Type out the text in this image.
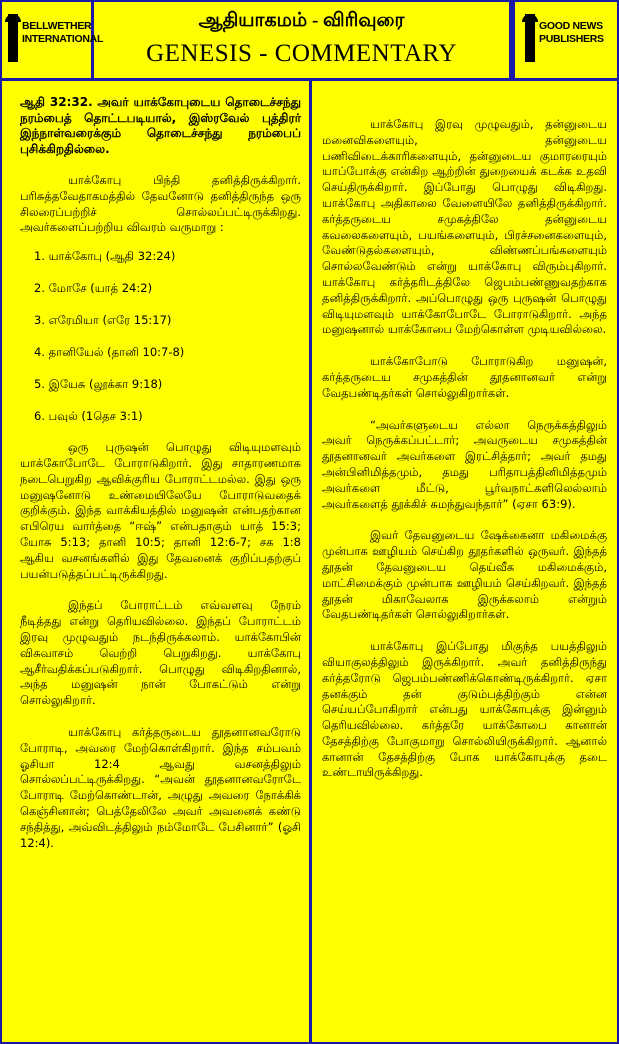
BELLWETHER
INTERNATIONAL
ஆதியாகமம் - விரிவுரை
GENESIS - COMMENTARY
GOOD NEWS
PUBLISHERS

ஆதி 32:32. அவர் யாக்கோபுடைய தொடைச்சந்து நரம்பைத் தொட்டபடியால், இஸ்ரவேல் புத்திரர் இந்நாள்வரைக்கும் தொடைச்சந்து நரம்பைப் புசிக்கிறதில்லை.

யாக்கோபு பிந்தி தனித்திருக்கிறார். பரிசுத்தவேதாகமத்தில் தேவனோடு தனித்திருந்த ஒரு சிலரைப்பற்றிச் சொல்லப்பட்டிருக்கிறது. அவர்களைப்பற்றிய விவரம் வருமாறு :

1. யாக்கோபு (ஆதி 32:24)
2. மோசே (யாத் 24:2)
3. எரேமியா (எரே 15:17)
4. தானியேல் (தானி 10:7-8)
5. இயேசு (லூக்கா 9:18)
6. பவுல் (1தெச 3:1)

ஒரு புருஷன் பொழுது விடியுமளவும் யாக்கோபோடே போராடுகிறார். இது சாதாரணமாக நடைபெறுகிற ஆவிக்குரிய போராட்டமல்ல. இது ஒரு மனுஷனோடு உண்மையிலேயே போராடுவதைக் குறிக்கும். இந்த வாக்கியத்தில் மனுஷன் என்பதற்கான எபிரெய வார்த்தை “ஈஷ்” என்பதாகும் யாத் 15:3; யோசு 5:13; தானி 10:5; தானி 12:6-7; சக 1:8 ஆகிய வசனங்களில் இது தேவனைக் குறிப்பதற்குப் பயன்படுத்தப்பட்டிருக்கிறது.

இந்தப் போராட்டம் எவ்வளவு நேரம் நீடித்தது என்று தெரியவில்லை. இந்தப் போராட்டம் இரவு முழுவதும் நடந்திருக்கலாம். யாக்கோபின் விசுவாசம் வெற்றி பெறுகிறது. யாக்கோபு ஆசீர்வதிக்கப்படுகிறார். பொழுது விடிகிறதினால், அந்த மனுஷன் நான் போகட்டும் என்று சொல்லுகிறார்.

யாக்கோபு கர்த்தருடைய தூதனானவரோடு போராடி, அவரை மேற்கொள்கிறார். இந்த சம்பவம் ஓசியா 12:4 ஆவது வசனத்திலும் சொல்லப்பட்டிருக்கிறது. “அவன் தூதனானவரோடே போராடி மேற்கொண்டான், அழுது அவரை நோக்கிக் கெஞ்சினான்; பெத்தேலிலே அவர் அவனைக் கண்டு சந்தித்து, அவ்விடத்திலும் நம்மோடே பேசினார்” (ஓசி 12:4).

யாக்கோபு இரவு முழுவதும், தன்னுடைய மனைவிகளையும், தன்னுடைய பணிவிடைக்காரிகளையும், தன்னுடைய குமாரரையும் யாப்போக்கு என்கிற ஆற்றின் துறையைக் கடக்க உதவி செய்திருக்கிறார். இப்போது பொழுது விடிகிறது. யாக்கோபு அதிகாலை வேளையிலே தனித்திருக்கிறார். கர்த்தருடைய சமுகத்திலே தன்னுடைய கவலைகளையும், பயங்களையும், பிரச்சனைகளையும், வேண்டுதல்களையும், விண்ணப்பங்களையும் சொல்லவேண்டும் என்று யாக்கோபு விரும்புகிறார். யாக்கோபு கர்த்தரிடத்திலே ஜெபம்பண்ணுவதற்காக தனித்திருக்கிறார். அப்பொழுது ஒரு புருஷன் பொழுது விடியுமளவும் யாக்கோபோடே போராடுகிறார். அந்த மனுஷனால் யாக்கோபை மேற்கொள்ள முடியவில்லை.

யாக்கோபோடு போராடுகிற மனுஷன், கர்த்தருடைய சமுகத்தின் தூதனானவர் என்று வேதபண்டிதர்கள் சொல்லுகிறார்கள்.

“அவர்களுடைய எல்லா நெருக்கத்திலும் அவர் நெருக்கப்பட்டார்; அவருடைய சமுகத்தின் தூதனானவர் அவர்களை இரட்சித்தார்; அவர் தமது அன்பினிமித்தமும், தமது பரிதாபத்தினிமித்தமும் அவர்களை மீட்டு, பூர்வநாட்களிலெல்லாம் அவர்களைத் தூக்கிச் சுமந்துவந்தார்” (ஏசா 63:9).

இவர் தேவனுடைய ஷேக்கைனா மகிமைக்கு முன்பாக ஊழியம் செய்கிற தூதர்களில் ஒருவர். இந்தத் தூதன் தேவனுடைய தெய்வீக மகிமைக்கும், மாட்சிமைக்கும் முன்பாக ஊழியம் செய்கிறவர். இந்தத் தூதன் மிகாவேலாக இருக்கலாம் என்றும் வேதபண்டிதர்கள் சொல்லுகிறார்கள்.

யாக்கோபு இப்போது மிகுந்த பயத்திலும் வியாகுலத்திலும் இருக்கிறார். அவர் தனித்திருந்து கர்த்தரோடு ஜெபம்பண்ணிக்கொண்டிருக்கிறார். ஏசா தனக்கும் தன் குடும்பத்திற்கும் என்ன செய்யப்போகிறார் என்பது யாக்கோபுக்கு இன்னும் தெரியவில்லை. கர்த்தரே யாக்கோபை கானான் தேசத்திற்கு போகுமாறு சொல்லியிருக்கிறார். ஆனால் கானான் தேசத்திற்கு போக யாக்கோபுக்கு தடை உண்டாயிருக்கிறது.
